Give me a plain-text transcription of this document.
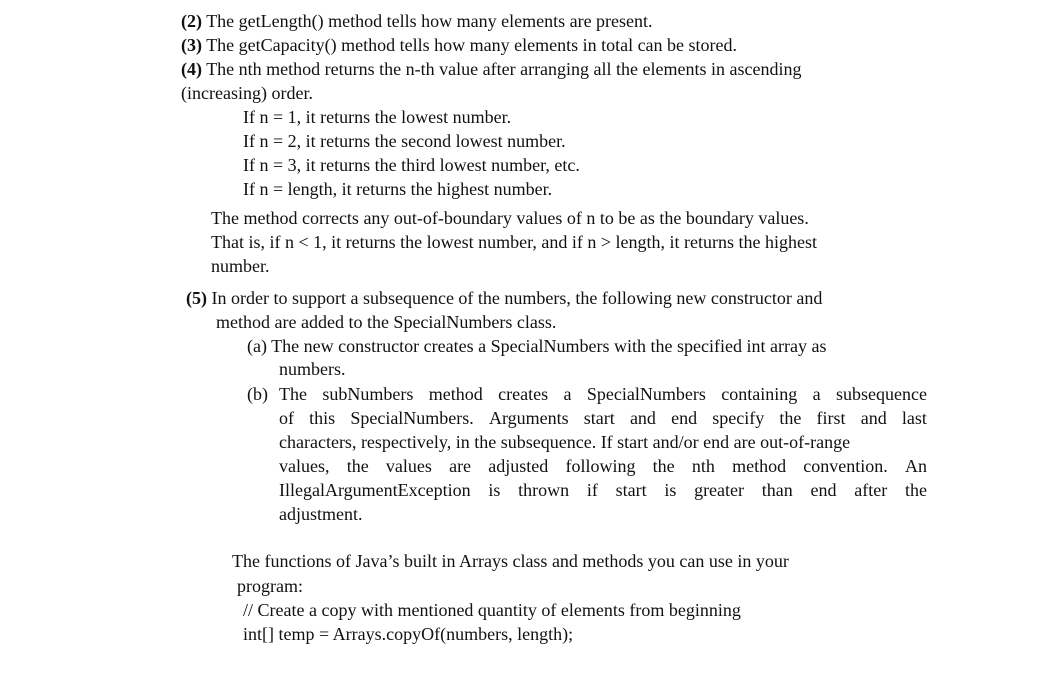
(2) The getLength() method tells how many elements are present.
(3) The getCapacity() method tells how many elements in total can be stored.
(4) The nth method returns the n-th value after arranging all the elements in ascending
(increasing) order.
If n = 1, it returns the lowest number.
If n = 2, it returns the second lowest number.
If n = 3, it returns the third lowest number, etc.
If n = length, it returns the highest number.
The method corrects any out-of-boundary values of n to be as the boundary values.
That is, if n < 1, it returns the lowest number, and if n > length, it returns the highest
number.
(5) In order to support a subsequence of the numbers, the following new constructor and
method are added to the SpecialNumbers class.
(a) The new constructor creates a SpecialNumbers with the specified int array as
numbers.
(b) The subNumbers method creates a SpecialNumbers containing a subsequence
of this SpecialNumbers. Arguments start and end specify the first and last
characters, respectively, in the subsequence. If start and/or end are out-of-range
values, the values are adjusted following the nth method convention. An
IllegalArgumentException is thrown if start is greater than end after the
adjustment.
The functions of Java’s built in Arrays class and methods you can use in your
program:
// Create a copy with mentioned quantity of elements from beginning
int[] temp = Arrays.copyOf(numbers, length);
